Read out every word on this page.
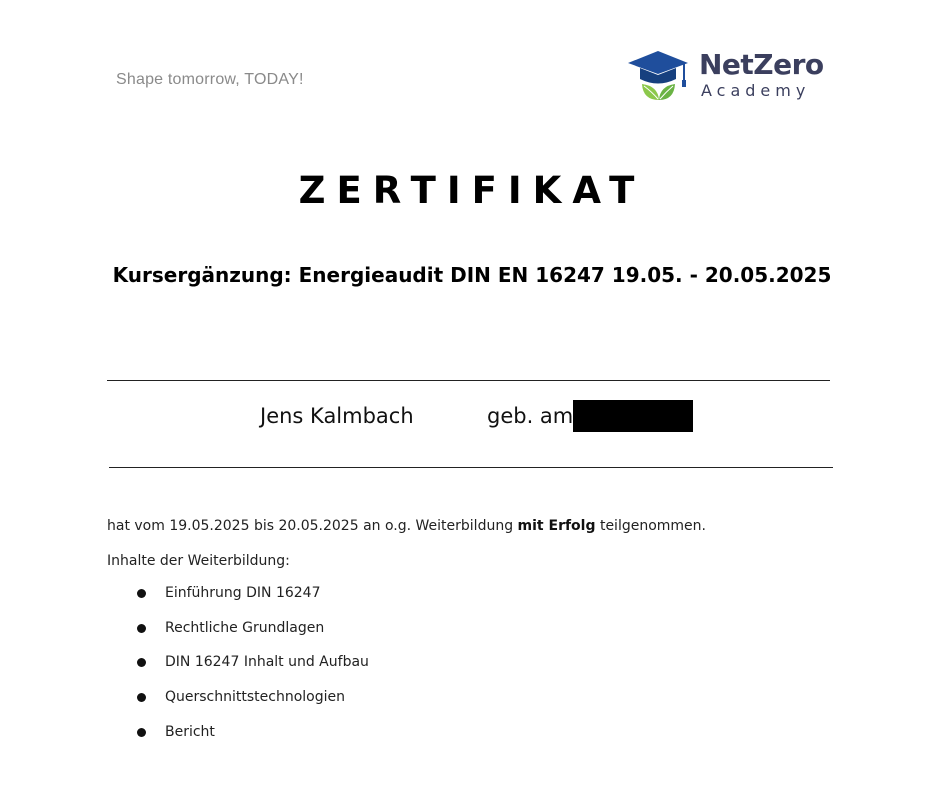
Shape tomorrow, TODAY!	NetZero
Academy
ZERTIFIKAT
Kursergänzung: Energieaudit DIN EN 16247 19.05. - 20.05.2025
Jens Kalmbach	geb. am
hat vom 19.05.2025 bis 20.05.2025 an o.g. Weiterbildung mit Erfolg teilgenommen.
Inhalte der Weiterbildung:
Einführung DIN 16247
Rechtliche Grundlagen
DIN 16247 Inhalt und Aufbau
Querschnittstechnologien
Bericht
